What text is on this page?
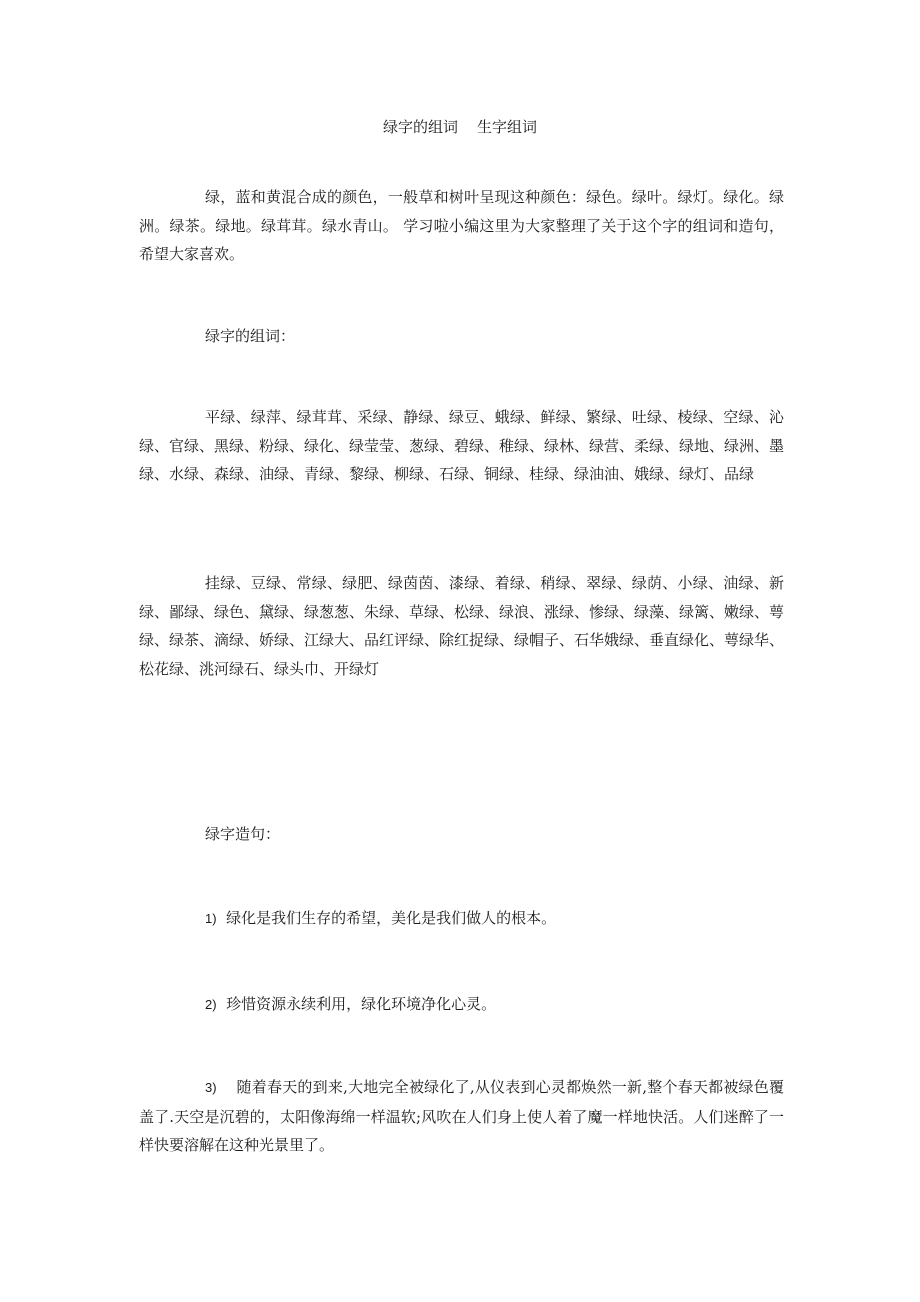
绿字的组词    生字组词

绿，蓝和黄混合成的颜色，一般草和树叶呈现这种颜色：绿色。绿叶。绿灯。绿化。绿洲。绿茶。绿地。绿茸茸。绿水青山。 学习啦小编这里为大家整理了关于这个字的组词和造句，希望大家喜欢。

绿字的组词：

平绿、绿萍、绿茸茸、采绿、静绿、绿豆、蛾绿、鲜绿、繁绿、吐绿、棱绿、空绿、沁绿、官绿、黑绿、粉绿、绿化、绿莹莹、葱绿、碧绿、稚绿、绿林、绿营、柔绿、绿地、绿洲、墨绿、水绿、森绿、油绿、青绿、黎绿、柳绿、石绿、铜绿、桂绿、绿油油、娥绿、绿灯、品绿

挂绿、豆绿、常绿、绿肥、绿茵茵、漆绿、着绿、稍绿、翠绿、绿荫、小绿、油绿、新绿、鄙绿、绿色、黛绿、绿葱葱、朱绿、草绿、松绿、绿浪、涨绿、惨绿、绿藻、绿篱、嫩绿、萼绿、绿茶、滴绿、娇绿、江绿大、品红评绿、除红捉绿、绿帽子、石华娥绿、垂直绿化、萼绿华、松花绿、洮河绿石、绿头巾、开绿灯

绿字造句：

1) 绿化是我们生存的希望，美化是我们做人的根本。

2) 珍惜资源永续利用，绿化环境净化心灵。

3) 随着春天的到来,大地完全被绿化了,从仪表到心灵都焕然一新,整个春天都被绿色覆盖了.天空是沉碧的，太阳像海绵一样温软;风吹在人们身上使人着了魔一样地快活。人们迷醉了一样快要溶解在这种光景里了。
